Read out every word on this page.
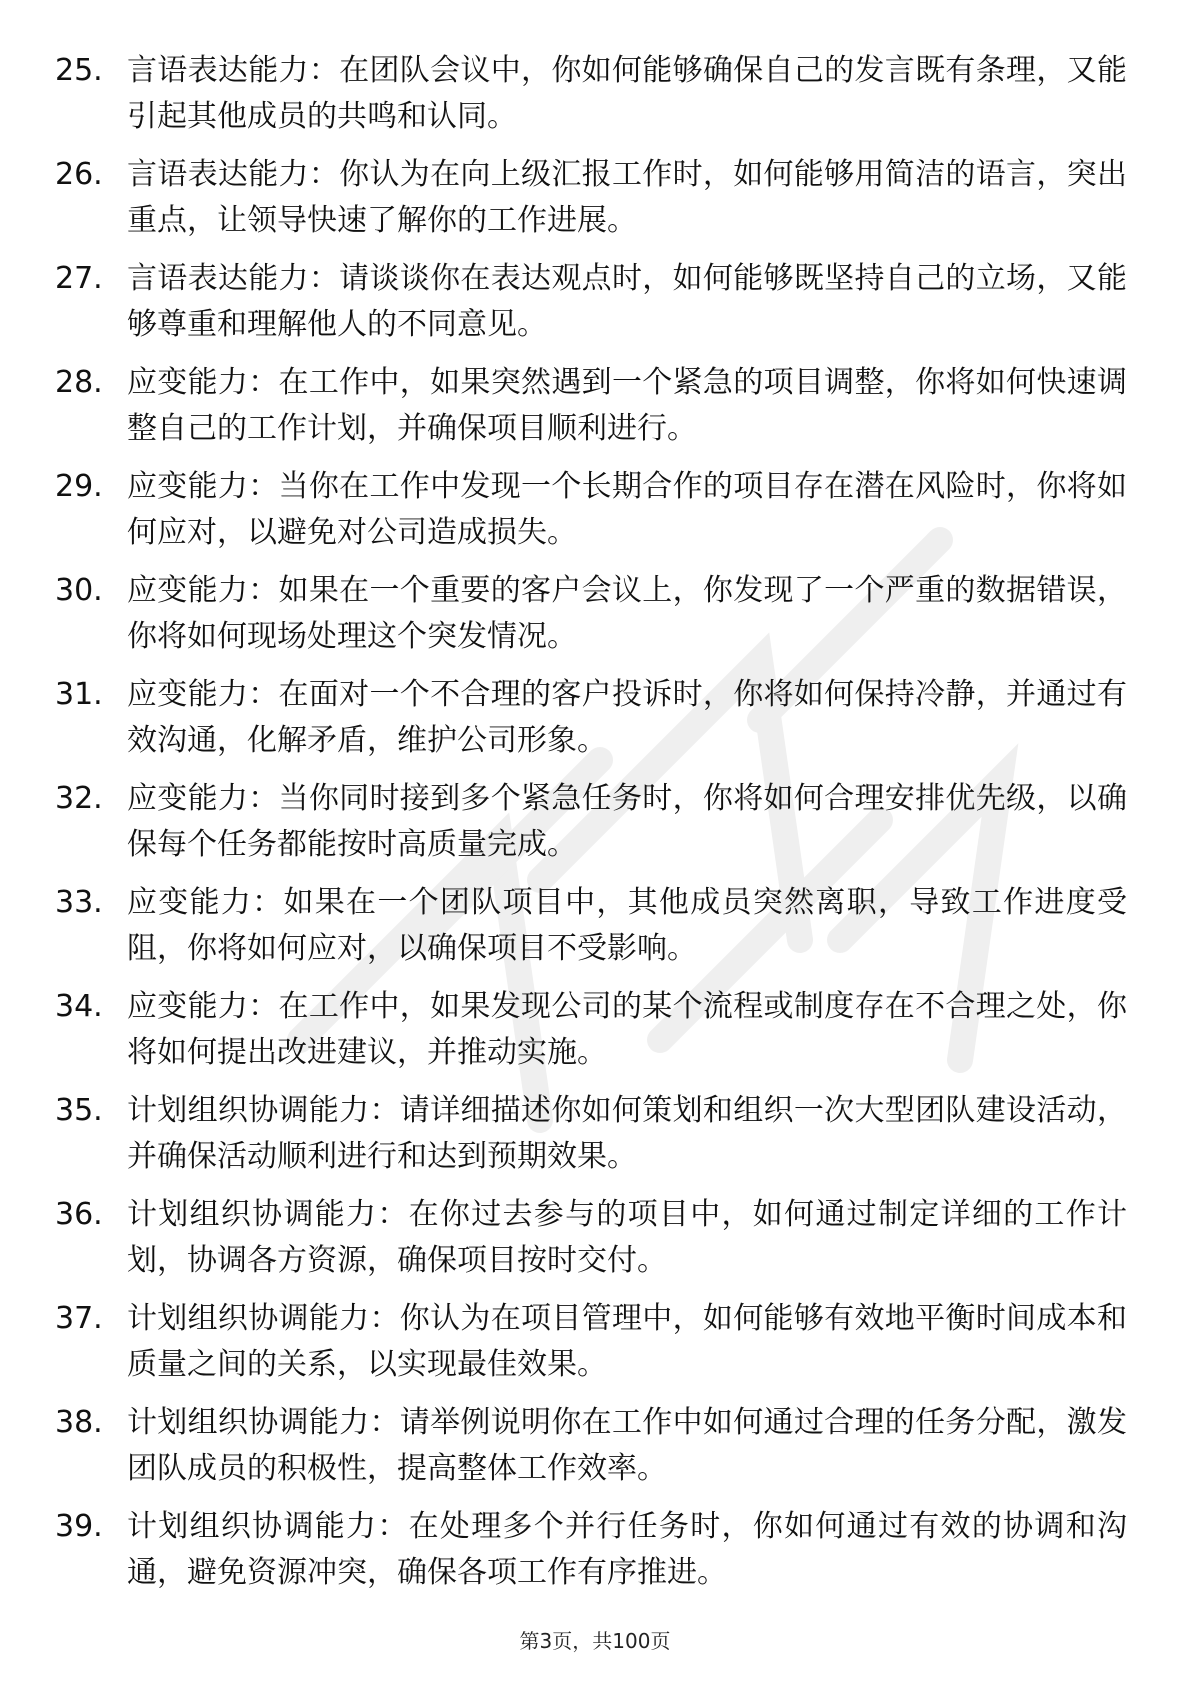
25. 言语表达能力：在团队会议中，你如何能够确保自己的发言既有条理，又能引起其他成员的共鸣和认同。
26. 言语表达能力：你认为在向上级汇报工作时，如何能够用简洁的语言，突出重点，让领导快速了解你的工作进展。
27. 言语表达能力：请谈谈你在表达观点时，如何能够既坚持自己的立场，又能够尊重和理解他人的不同意见。
28. 应变能力：在工作中，如果突然遇到一个紧急的项目调整，你将如何快速调整自己的工作计划，并确保项目顺利进行。
29. 应变能力：当你在工作中发现一个长期合作的项目存在潜在风险时，你将如何应对，以避免对公司造成损失。
30. 应变能力：如果在一个重要的客户会议上，你发现了一个严重的数据错误，你将如何现场处理这个突发情况。
31. 应变能力：在面对一个不合理的客户投诉时，你将如何保持冷静，并通过有效沟通，化解矛盾，维护公司形象。
32. 应变能力：当你同时接到多个紧急任务时，你将如何合理安排优先级，以确保每个任务都能按时高质量完成。
33. 应变能力：如果在一个团队项目中，其他成员突然离职，导致工作进度受阻，你将如何应对，以确保项目不受影响。
34. 应变能力：在工作中，如果发现公司的某个流程或制度存在不合理之处，你将如何提出改进建议，并推动实施。
35. 计划组织协调能力：请详细描述你如何策划和组织一次大型团队建设活动，并确保活动顺利进行和达到预期效果。
36. 计划组织协调能力：在你过去参与的项目中，如何通过制定详细的工作计划，协调各方资源，确保项目按时交付。
37. 计划组织协调能力：你认为在项目管理中，如何能够有效地平衡时间成本和质量之间的关系，以实现最佳效果。
38. 计划组织协调能力：请举例说明你在工作中如何通过合理的任务分配，激发团队成员的积极性，提高整体工作效率。
39. 计划组织协调能力：在处理多个并行任务时，你如何通过有效的协调和沟通，避免资源冲突，确保各项工作有序推进。
第3页，共100页
